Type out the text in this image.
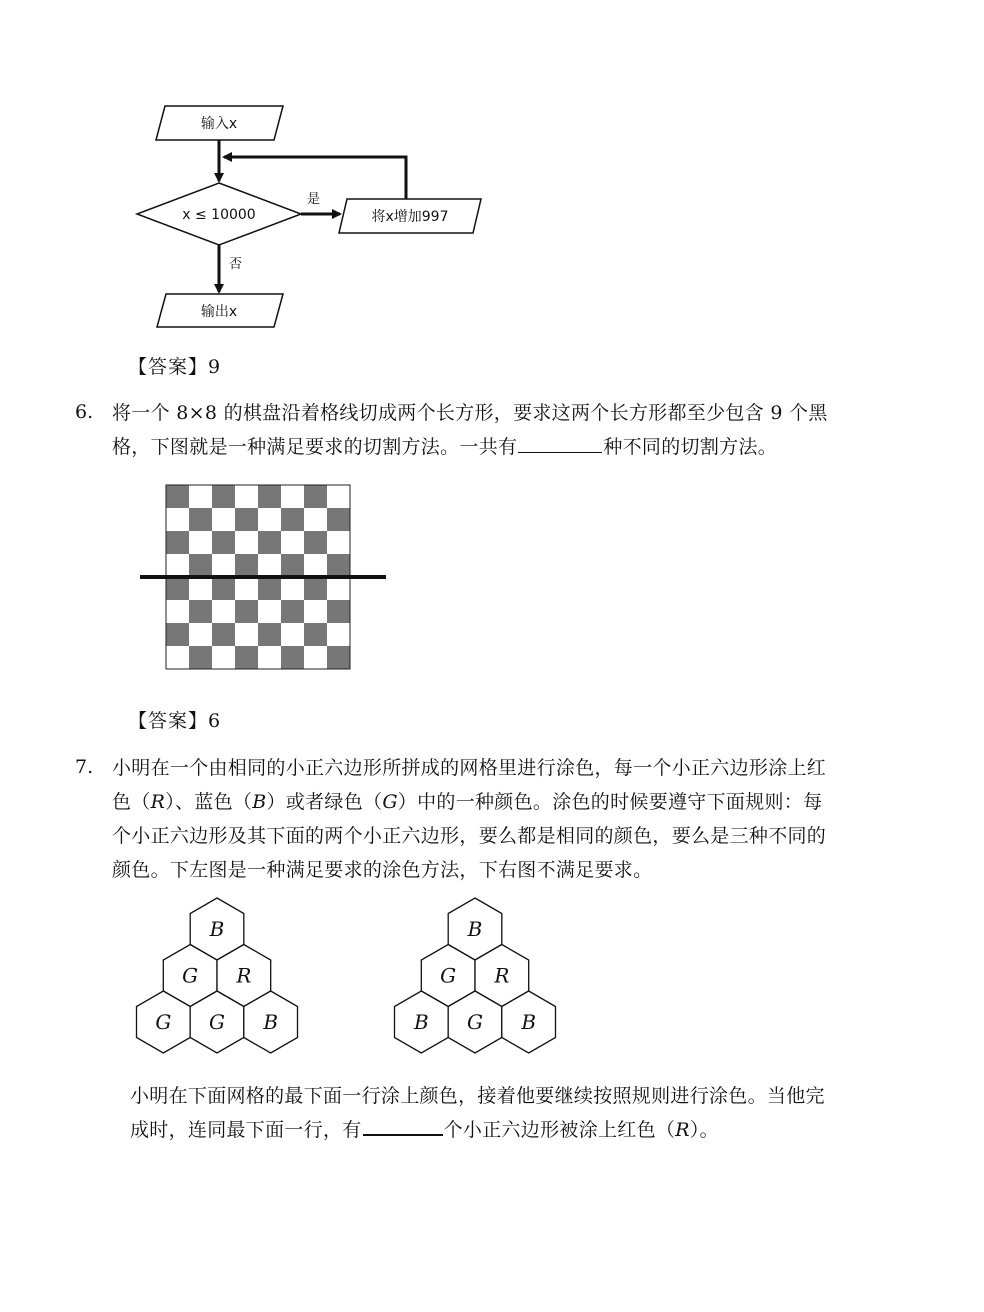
输入x
x ≤ 10000
是
将x增加997
否
输出x
【答案】9
6. 将一个 8×8 的棋盘沿着格线切成两个长方形，要求这两个长方形都至少包含 9 个黑

格，下图就是一种满足要求的切割方法。一共有	种不同的切割方法。

【答案】6
7. 小明在一个由相同的小正六边形所拼成的网格里进行涂色，每一个小正六边形涂上红

色（R）、蓝色（B）或者绿色（G）中的一种颜色。涂色的时候要遵守下面规则：每

个小正六边形及其下面的两个小正六边形，要么都是相同的颜色，要么是三种不同的

颜色。下左图是一种满足要求的涂色方法，下右图不满足要求。

B
G R
G G B
B
G R
B G B

小明在下面网格的最下面一行涂上颜色，接着他要继续按照规则进行涂色。当他完

成时，连同最下面一行，有	个小正六边形被涂上红色（R）。
